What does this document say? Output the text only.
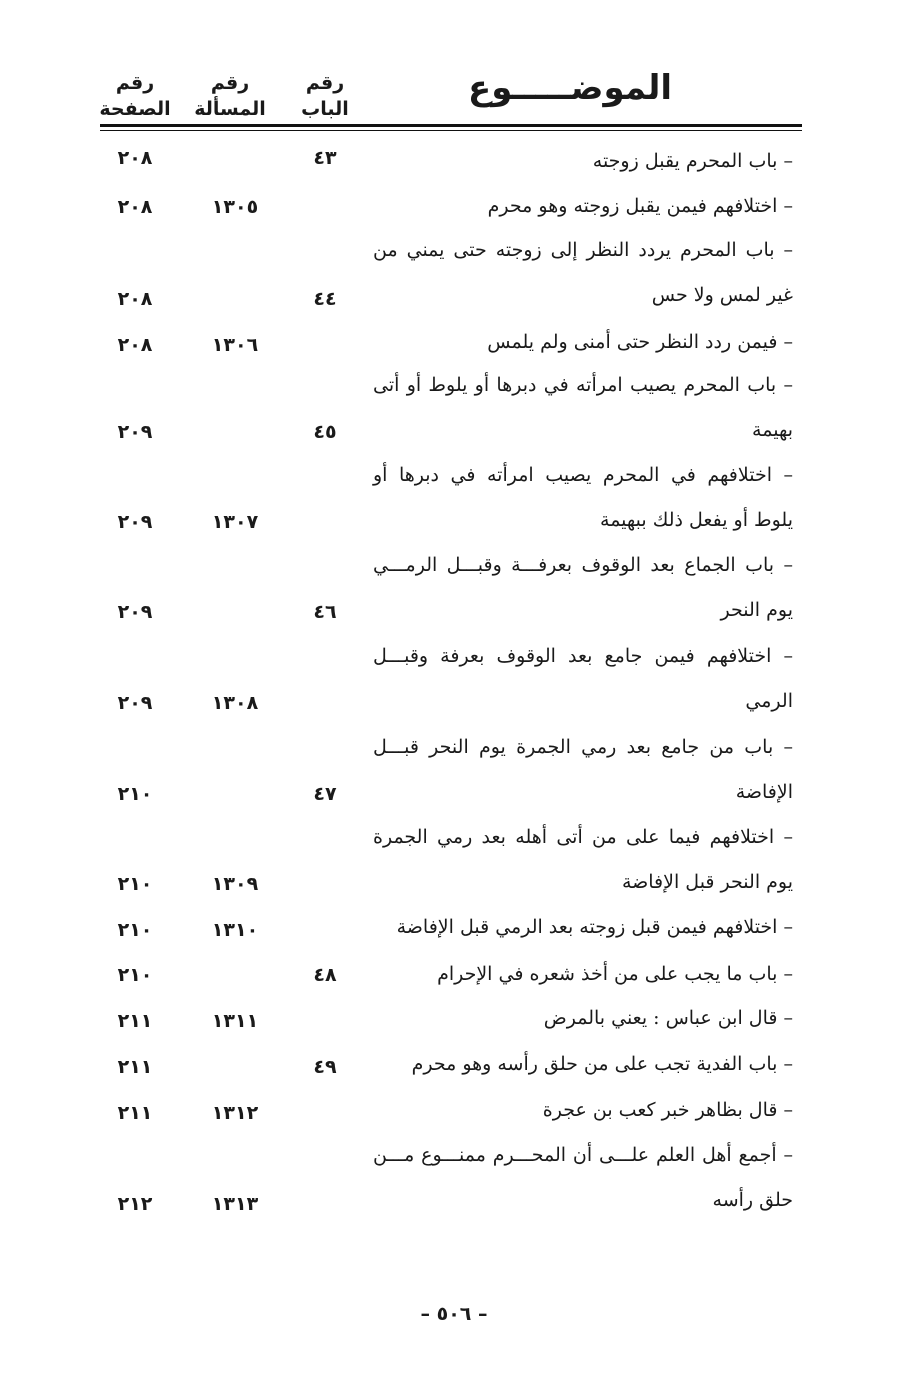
رقم
الباب
رقم
المسألة
رقم
الصفحة
الموضـــــوع
– باب المحرم يقبل زوجته
٤٣
٢٠٨
– اختلافهم فيمن يقبل زوجته وهو محرم
١٣٠٥
٢٠٨
– باب المحرم يردد النظر إلى زوجته حتى يمني من غير لمس ولا حس
٤٤
٢٠٨
– فيمن ردد النظر حتى أمنى ولم يلمس
١٣٠٦
٢٠٨
– باب المحرم يصيب امرأته في دبرها أو يلوط أو أتى بهيمة
٤٥
٢٠٩
– اختلافهم في المحرم يصيب امرأته في دبرها أو يلوط أو يفعل ذلك ببهيمة
١٣٠٧
٢٠٩
– باب الجماع بعد الوقوف بعرفـــة وقبـــل الرمـــي يوم النحر
٤٦
٢٠٩
– اختلافهم فيمن جامع بعد الوقوف بعرفة وقبـــل الرمي
١٣٠٨
٢٠٩
– باب من جامع بعد رمي الجمرة يوم النحر قبـــل الإفاضة
٤٧
٢١٠
– اختلافهم فيما على من أتى أهله بعد رمي الجمرة يوم النحر قبل الإفاضة
١٣٠٩
٢١٠
– اختلافهم فيمن قبل زوجته بعد الرمي قبل الإفاضة
١٣١٠
٢١٠
– باب ما يجب على من أخذ شعره في الإحرام
٤٨
٢١٠
– قال ابن عباس : يعني بالمرض
١٣١١
٢١١
– باب الفدية تجب على من حلق رأسه وهو محرم
٤٩
٢١١
– قال بظاهر خبر كعب بن عجرة
١٣١٢
٢١١
– أجمع أهل العلم علـــى أن المحـــرم ممنـــوع مـــن حلق رأسه
١٣١٣
٢١٢
– ٥٠٦ –
